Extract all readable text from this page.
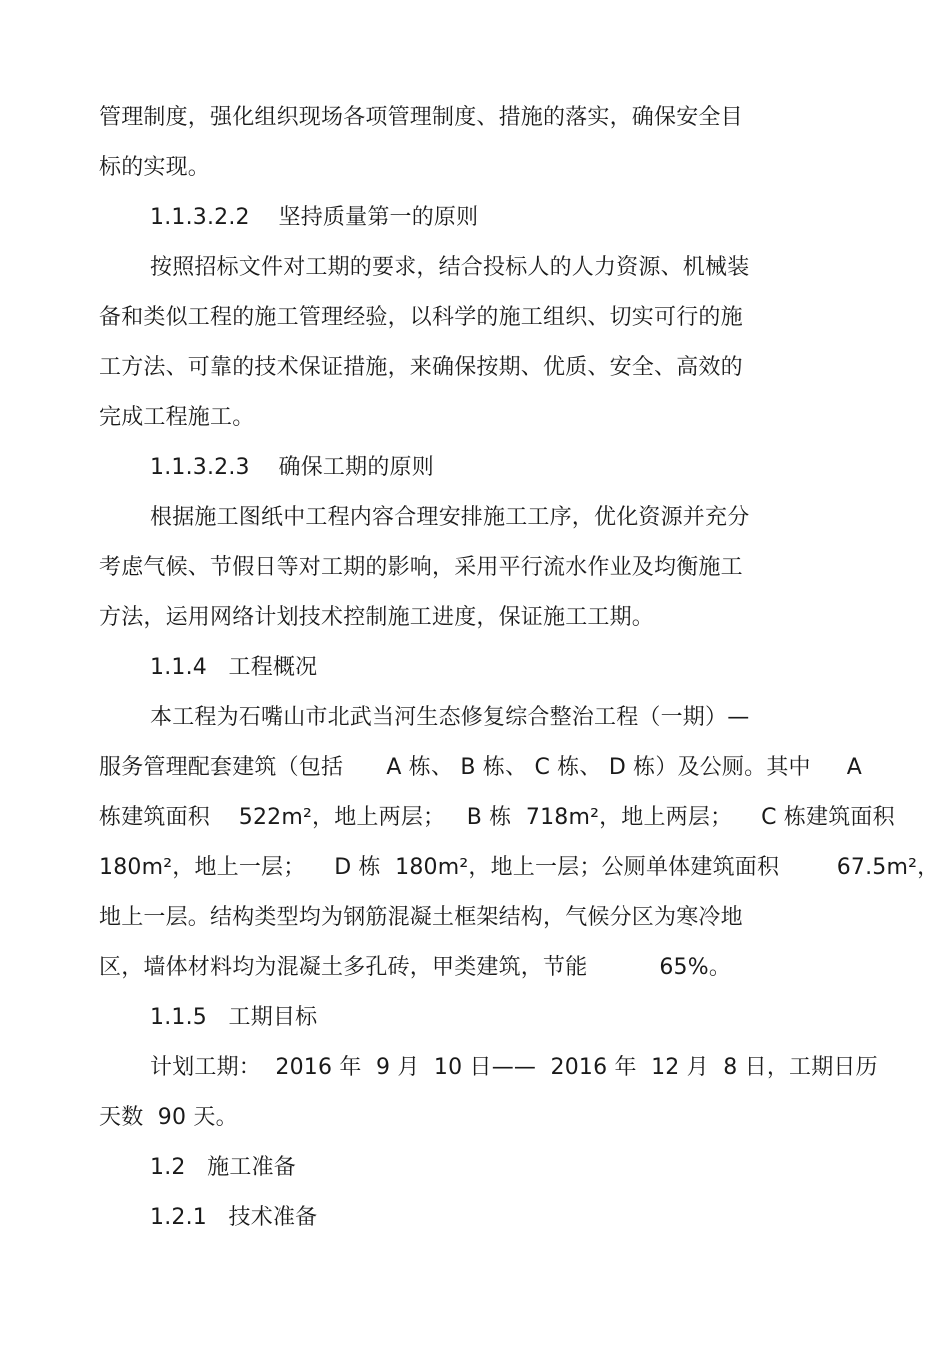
管理制度，强化组织现场各项管理制度、措施的落实，确保安全目

标的实现。

1.1.3.2.2    坚持质量第一的原则

按照招标文件对工期的要求，结合投标人的人力资源、机械装

备和类似工程的施工管理经验，以科学的施工组织、切实可行的施

工方法、可靠的技术保证措施，来确保按期、优质、安全、高效的

完成工程施工。

1.1.3.2.3    确保工期的原则

根据施工图纸中工程内容合理安排施工工序，优化资源并充分

考虑气候、节假日等对工期的影响，采用平行流水作业及均衡施工

方法，运用网络计划技术控制施工进度，保证施工工期。

1.1.4   工程概况

本工程为石嘴山市北武当河生态修复综合整治工程（一期）—

服务管理配套建筑（包括      A 栋、 B 栋、 C 栋、 D 栋）及公厕。其中     A

栋建筑面积    522m²，地上两层；   B 栋  718m²，地上两层；    C 栋建筑面积

180m²，地上一层；    D 栋  180m²，地上一层；公厕单体建筑面积        67.5m²，

地上一层。结构类型均为钢筋混凝土框架结构，气候分区为寒冷地

区，墙体材料均为混凝土多孔砖，甲类建筑，节能          65%。

1.1.5   工期目标

计划工期：  2016 年  9 月  10 日——  2016 年  12 月  8 日，工期日历

天数  90 天。

1.2   施工准备

1.2.1   技术准备
